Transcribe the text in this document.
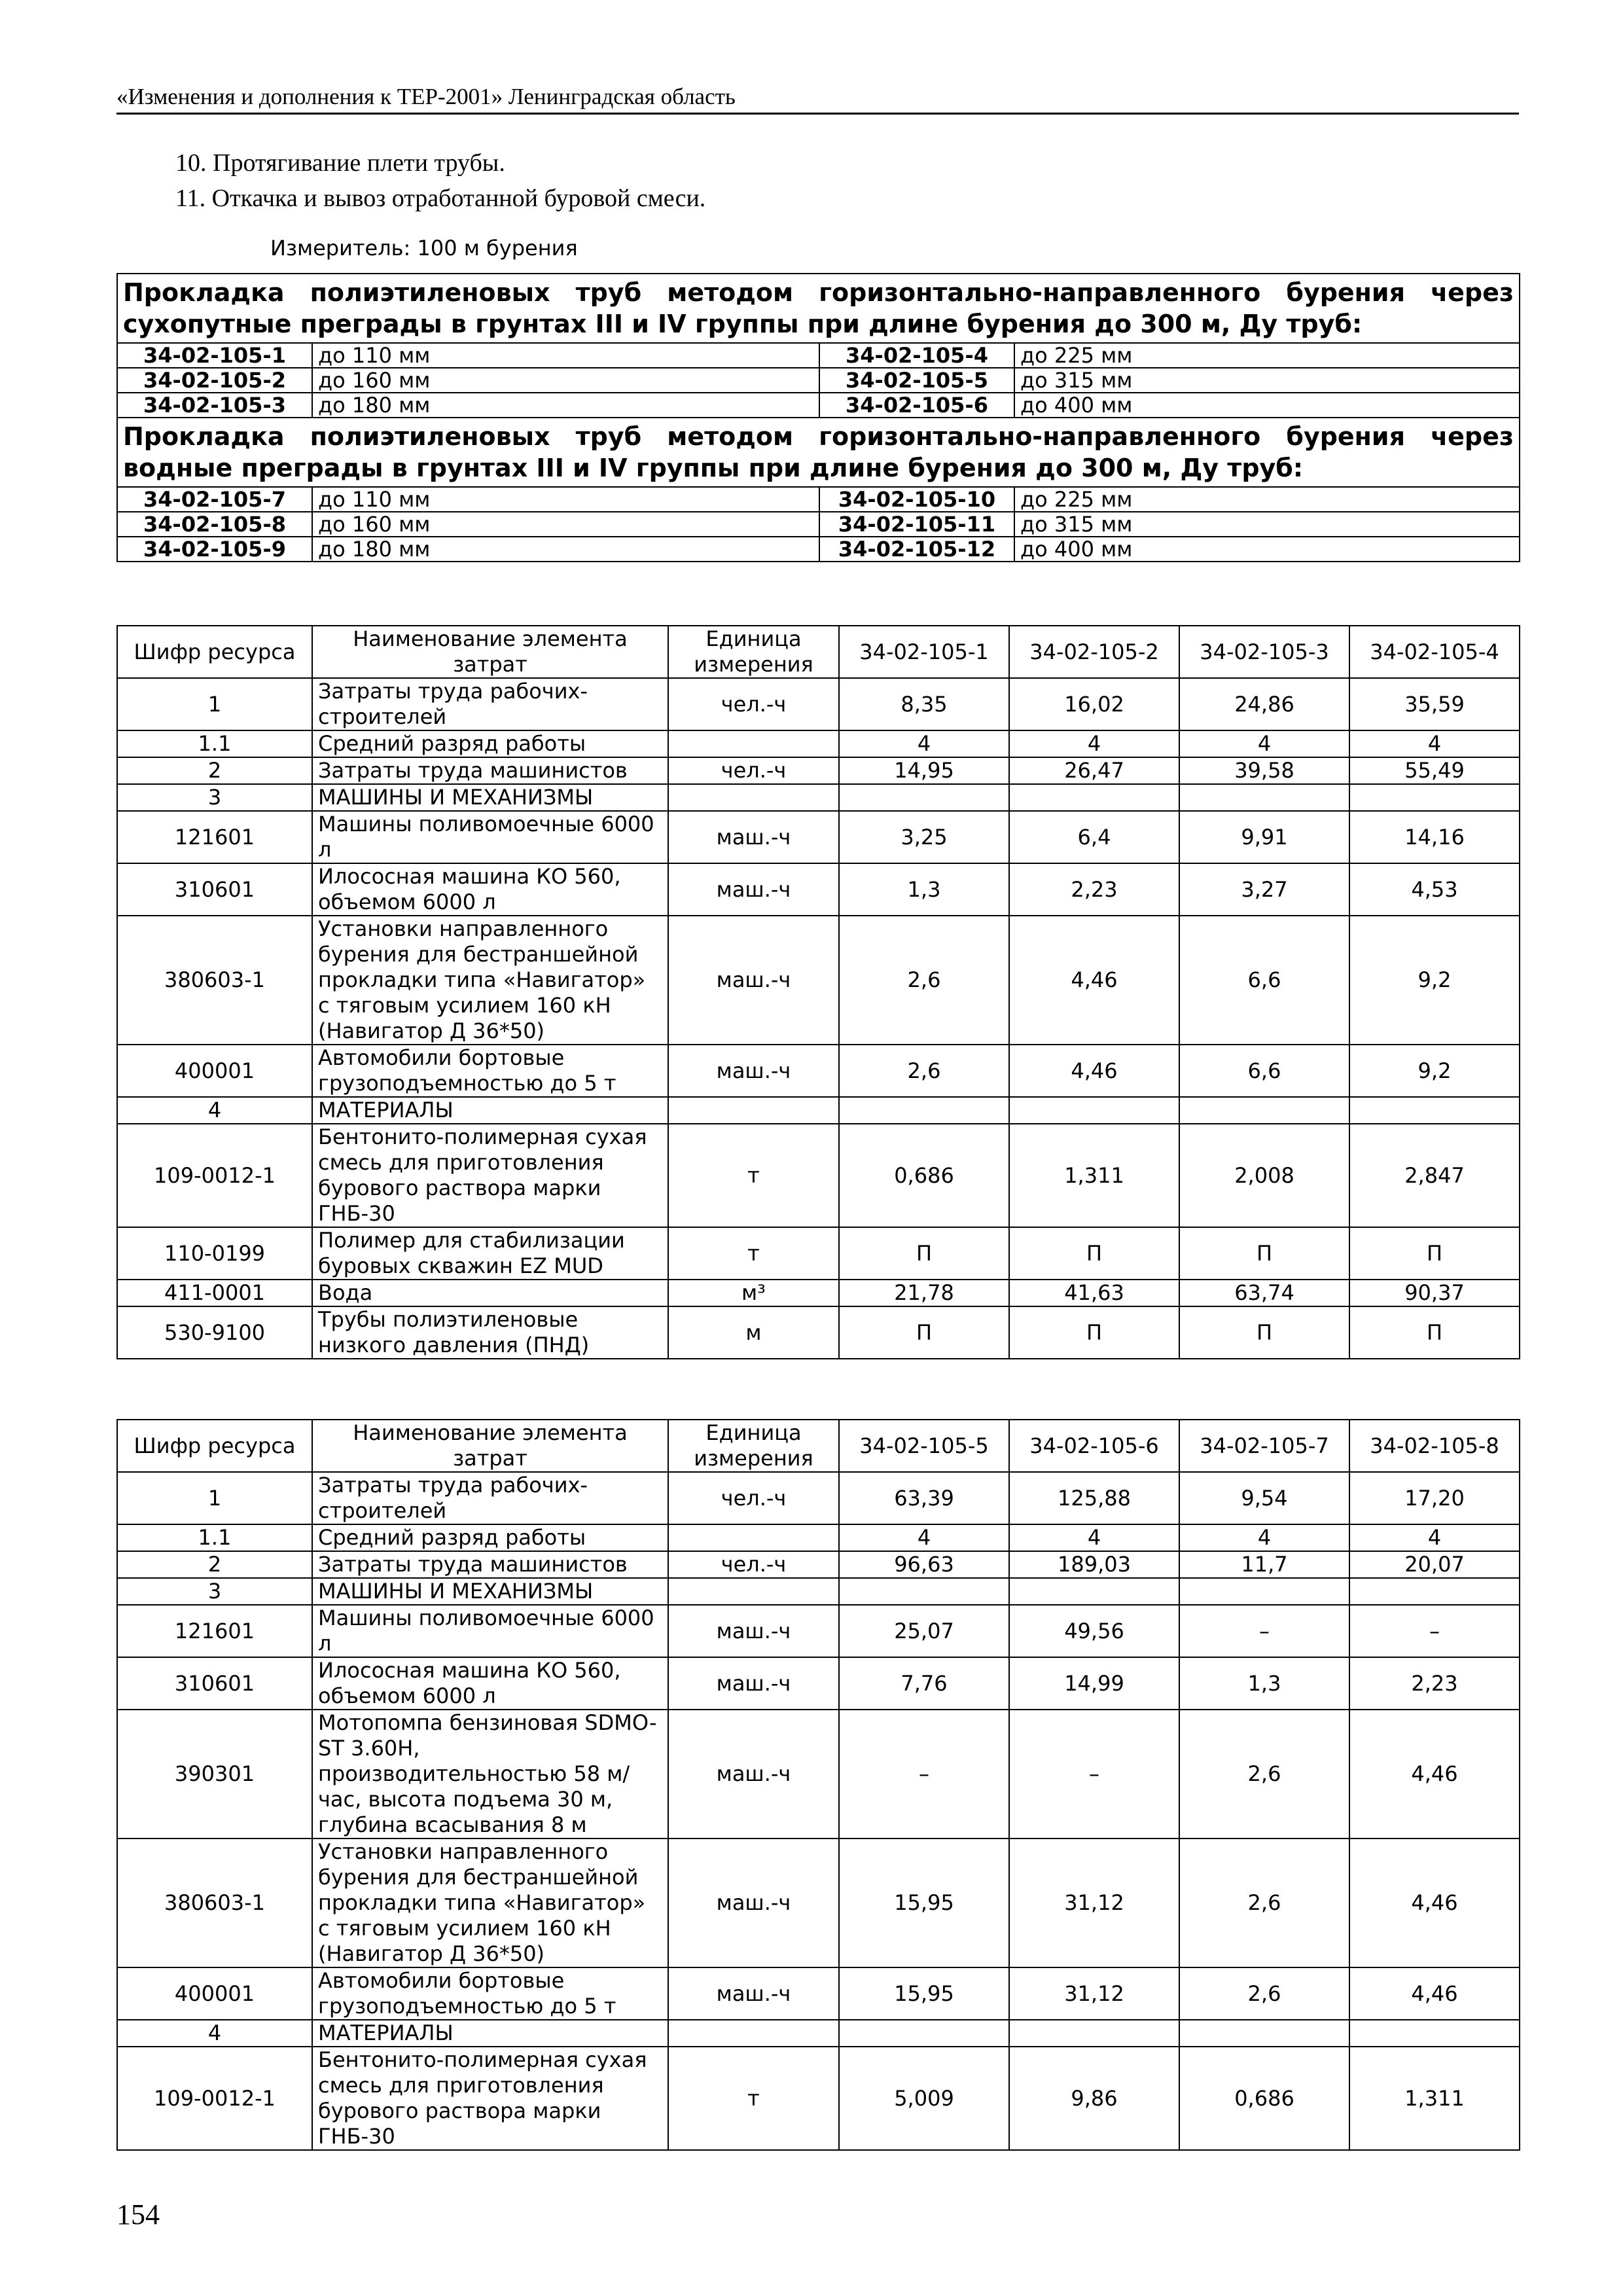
«Изменения и дополнения к ТЕР-2001» Ленинградская область
10. Протягивание плети трубы.
11. Откачка и вывоз отработанной буровой смеси.
Измеритель: 100 м бурения
Прокладка полиэтиленовых труб методом горизонтально-направленного бурения через сухопутные преграды в грунтах III и IV группы при длине бурения до 300 м, Ду труб:			
34-02-105-1	до 110 мм	34-02-105-4	до 225 мм
34-02-105-2	до 160 мм	34-02-105-5	до 315 мм
34-02-105-3	до 180 мм	34-02-105-6	до 400 мм
Прокладка полиэтиленовых труб методом горизонтально-направленного бурения через водные преграды в грунтах III и IV группы при длине бурения до 300 м, Ду труб:			
34-02-105-7	до 110 мм	34-02-105-10	до 225 мм
34-02-105-8	до 160 мм	34-02-105-11	до 315 мм
34-02-105-9	до 180 мм	34-02-105-12	до 400 мм
Шифр ресурса	Наименование элемента затрат	Единица измерения	34-02-105-1	34-02-105-2	34-02-105-3	34-02-105-4
1	Затраты труда рабочих-строителей	чел.-ч	8,35	16,02	24,86	35,59
1.1	Средний разряд работы		4	4	4	4
2	Затраты труда машинистов	чел.-ч	14,95	26,47	39,58	55,49
3	МАШИНЫ И МЕХАНИЗМЫ					
121601	Машины поливомоечные 6000 л	маш.-ч	3,25	6,4	9,91	14,16
310601	Илососная машина КО 560, объемом 6000 л	маш.-ч	1,3	2,23	3,27	4,53
380603-1	Установки направленного бурения для бестраншейной прокладки типа «Навигатор» с тяговым усилием 160 кН (Навигатор Д 36*50)	маш.-ч	2,6	4,46	6,6	9,2
400001	Автомобили бортовые грузоподъемностью до 5 т	маш.-ч	2,6	4,46	6,6	9,2
4	МАТЕРИАЛЫ					
109-0012-1	Бентонито-полимерная сухая смесь для приготовления бурового раствора марки ГНБ-30	т	0,686	1,311	2,008	2,847
110-0199	Полимер для стабилизации буровых скважин EZ MUD	т	П	П	П	П
411-0001	Вода	м³	21,78	41,63	63,74	90,37
530-9100	Трубы полиэтиленовые низкого давления (ПНД)	м	П	П	П	П
Шифр ресурса	Наименование элемента затрат	Единица измерения	34-02-105-5	34-02-105-6	34-02-105-7	34-02-105-8
1	Затраты труда рабочих-строителей	чел.-ч	63,39	125,88	9,54	17,20
1.1	Средний разряд работы		4	4	4	4
2	Затраты труда машинистов	чел.-ч	96,63	189,03	11,7	20,07
3	МАШИНЫ И МЕХАНИЗМЫ					
121601	Машины поливомоечные 6000 л	маш.-ч	25,07	49,56	–	–
310601	Илососная машина КО 560, объемом 6000 л	маш.-ч	7,76	14,99	1,3	2,23
390301	Мотопомпа бензиновая SDMO-ST 3.60H, производительностью 58 м/час, высота подъема 30 м, глубина всасывания 8 м	маш.-ч	–	–	2,6	4,46
380603-1	Установки направленного бурения для бестраншейной прокладки типа «Навигатор» с тяговым усилием 160 кН (Навигатор Д 36*50)	маш.-ч	15,95	31,12	2,6	4,46
400001	Автомобили бортовые грузоподъемностью до 5 т	маш.-ч	15,95	31,12	2,6	4,46
4	МАТЕРИАЛЫ					
109-0012-1	Бентонито-полимерная сухая смесь для приготовления бурового раствора марки ГНБ-30	т	5,009	9,86	0,686	1,311
154
